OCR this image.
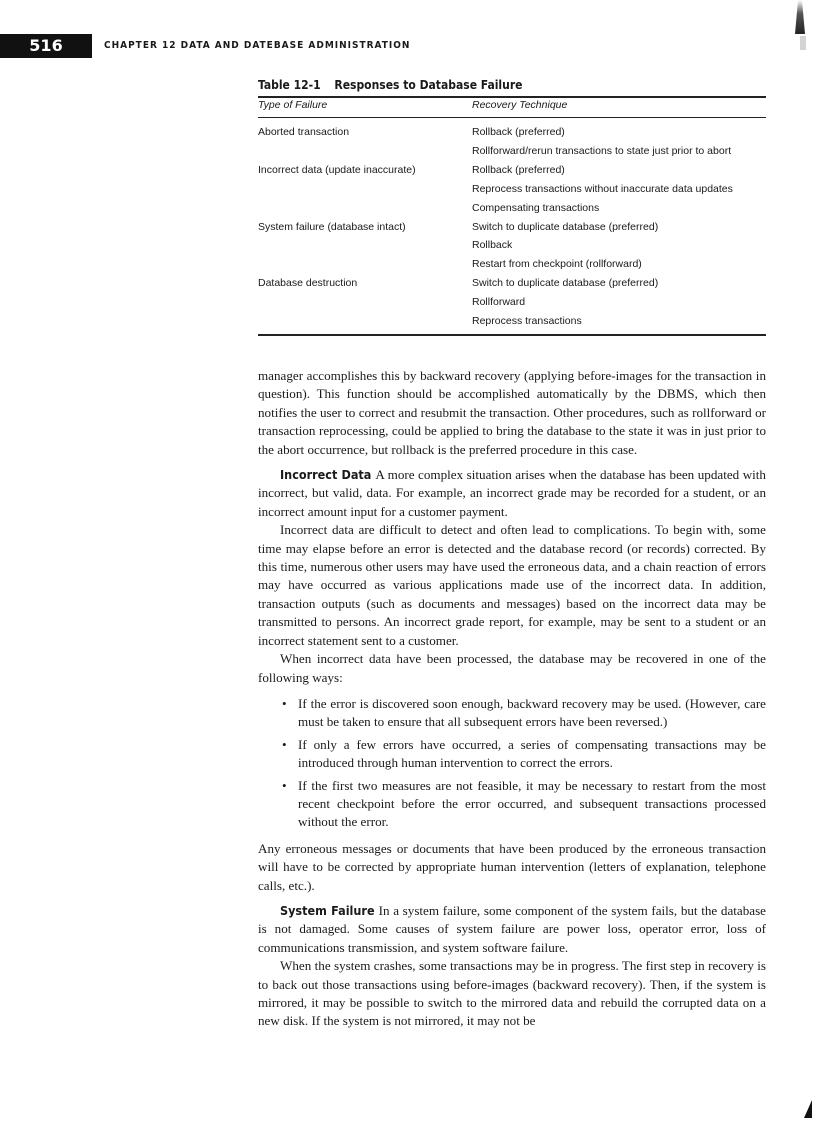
516	CHAPTER 12 DATA AND DATEBASE ADMINISTRATION
Table 12-1 Responses to Database Failure
Type of Failure	Recovery Technique
Aborted transaction	Rollback (preferred)
Rollforward/rerun transactions to state just prior to abort
Incorrect data (update inaccurate)	Rollback (preferred)
Reprocess transactions without inaccurate data updates
Compensating transactions
System failure (database intact)	Switch to duplicate database (preferred)
Rollback
Restart from checkpoint (rollforward)
Database destruction	Switch to duplicate database (preferred)
Rollforward
Reprocess transactions

manager accomplishes this by backward recovery (applying before-images for the transaction in question). This function should be accomplished automatically by the DBMS, which then notifies the user to correct and resubmit the transaction. Other procedures, such as rollforward or transaction reprocessing, could be applied to bring the database to the state it was in just prior to the abort occurrence, but rollback is the preferred procedure in this case.

Incorrect Data A more complex situation arises when the database has been updated with incorrect, but valid, data. For example, an incorrect grade may be recorded for a student, or an incorrect amount input for a customer payment.

Incorrect data are difficult to detect and often lead to complications. To begin with, some time may elapse before an error is detected and the database record (or records) corrected. By this time, numerous other users may have used the erroneous data, and a chain reaction of errors may have occurred as various applications made use of the incorrect data. In addition, transaction outputs (such as documents and messages) based on the incorrect data may be transmitted to persons. An incorrect grade report, for example, may be sent to a student or an incorrect statement sent to a customer.

When incorrect data have been processed, the database may be recovered in one of the following ways:

• If the error is discovered soon enough, backward recovery may be used. (However, care must be taken to ensure that all subsequent errors have been reversed.)
• If only a few errors have occurred, a series of compensating transactions may be introduced through human intervention to correct the errors.
• If the first two measures are not feasible, it may be necessary to restart from the most recent checkpoint before the error occurred, and subsequent transactions processed without the error.

Any erroneous messages or documents that have been produced by the erroneous transaction will have to be corrected by appropriate human intervention (letters of explanation, telephone calls, etc.).

System Failure In a system failure, some component of the system fails, but the database is not damaged. Some causes of system failure are power loss, operator error, loss of communications transmission, and system software failure.

When the system crashes, some transactions may be in progress. The first step in recovery is to back out those transactions using before-images (backward recovery). Then, if the system is mirrored, it may be possible to switch to the mirrored data and rebuild the corrupted data on a new disk. If the system is not mirrored, it may not be
